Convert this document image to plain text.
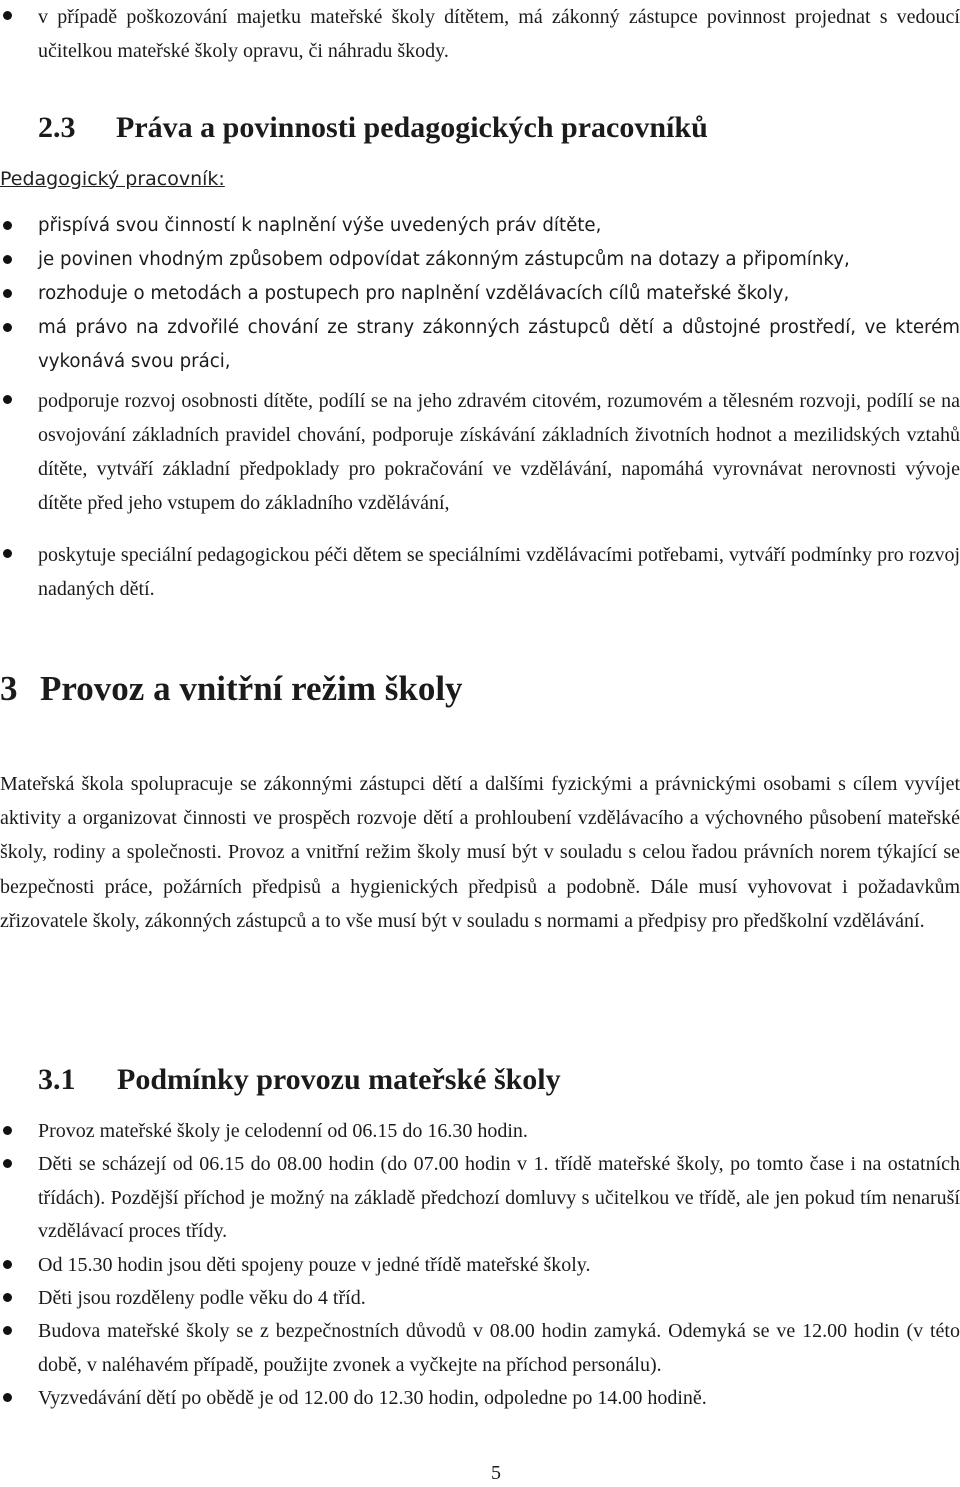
v případě poškozování majetku mateřské školy dítětem, má zákonný zástupce povinnost projednat s vedoucí učitelkou mateřské školy opravu, či náhradu škody.
2.3 Práva a povinnosti pedagogických pracovníků
Pedagogický pracovník:
přispívá svou činností k naplnění výše uvedených práv dítěte,
je povinen vhodným způsobem odpovídat zákonným zástupcům na dotazy a připomínky,
rozhoduje o metodách a postupech pro naplnění vzdělávacích cílů mateřské školy,
má právo na zdvořilé chování ze strany zákonných zástupců dětí a důstojné prostředí, ve kterém vykonává svou práci,
podporuje rozvoj osobnosti dítěte, podílí se na jeho zdravém citovém, rozumovém a tělesném rozvoji, podílí se na osvojování základních pravidel chování, podporuje získávání základních životních hodnot a mezilidských vztahů dítěte, vytváří základní předpoklady pro pokračování ve vzdělávání, napomáhá vyrovnávat nerovnosti vývoje dítěte před jeho vstupem do základního vzdělávání,
poskytuje speciální pedagogickou péči dětem se speciálními vzdělávacími potřebami, vytváří podmínky pro rozvoj nadaných dětí.
3 Provoz a vnitřní režim školy

Mateřská škola spolupracuje se zákonnými zástupci dětí a dalšími fyzickými a právnickými osobami s cílem vyvíjet aktivity a organizovat činnosti ve prospěch rozvoje dětí a prohloubení vzdělávacího a výchovného působení mateřské školy, rodiny a společnosti. Provoz a vnitřní režim školy musí být v souladu s celou řadou právních norem týkající se bezpečnosti práce, požárních předpisů a hygienických předpisů a podobně. Dále musí vyhovovat i požadavkům zřizovatele školy, zákonných zástupců a to vše musí být v souladu s normami a předpisy pro předškolní vzdělávání.

3.1 Podmínky provozu mateřské školy
Provoz mateřské školy je celodenní od 06.15 do 16.30 hodin.
Děti se scházejí od 06.15 do 08.00 hodin (do 07.00 hodin v 1. třídě mateřské školy, po tomto čase i na ostatních třídách). Pozdější příchod je možný na základě předchozí domluvy s učitelkou ve třídě, ale jen pokud tím nenaruší vzdělávací proces třídy.
Od 15.30 hodin jsou děti spojeny pouze v jedné třídě mateřské školy.
Děti jsou rozděleny podle věku do 4 tříd.
Budova mateřské školy se z bezpečnostních důvodů v 08.00 hodin zamyká. Odemyká se ve 12.00 hodin (v této době, v naléhavém případě, použijte zvonek a vyčkejte na příchod personálu).
Vyzvedávání dětí po obědě je od 12.00 do 12.30 hodin, odpoledne po 14.00 hodině.
5
